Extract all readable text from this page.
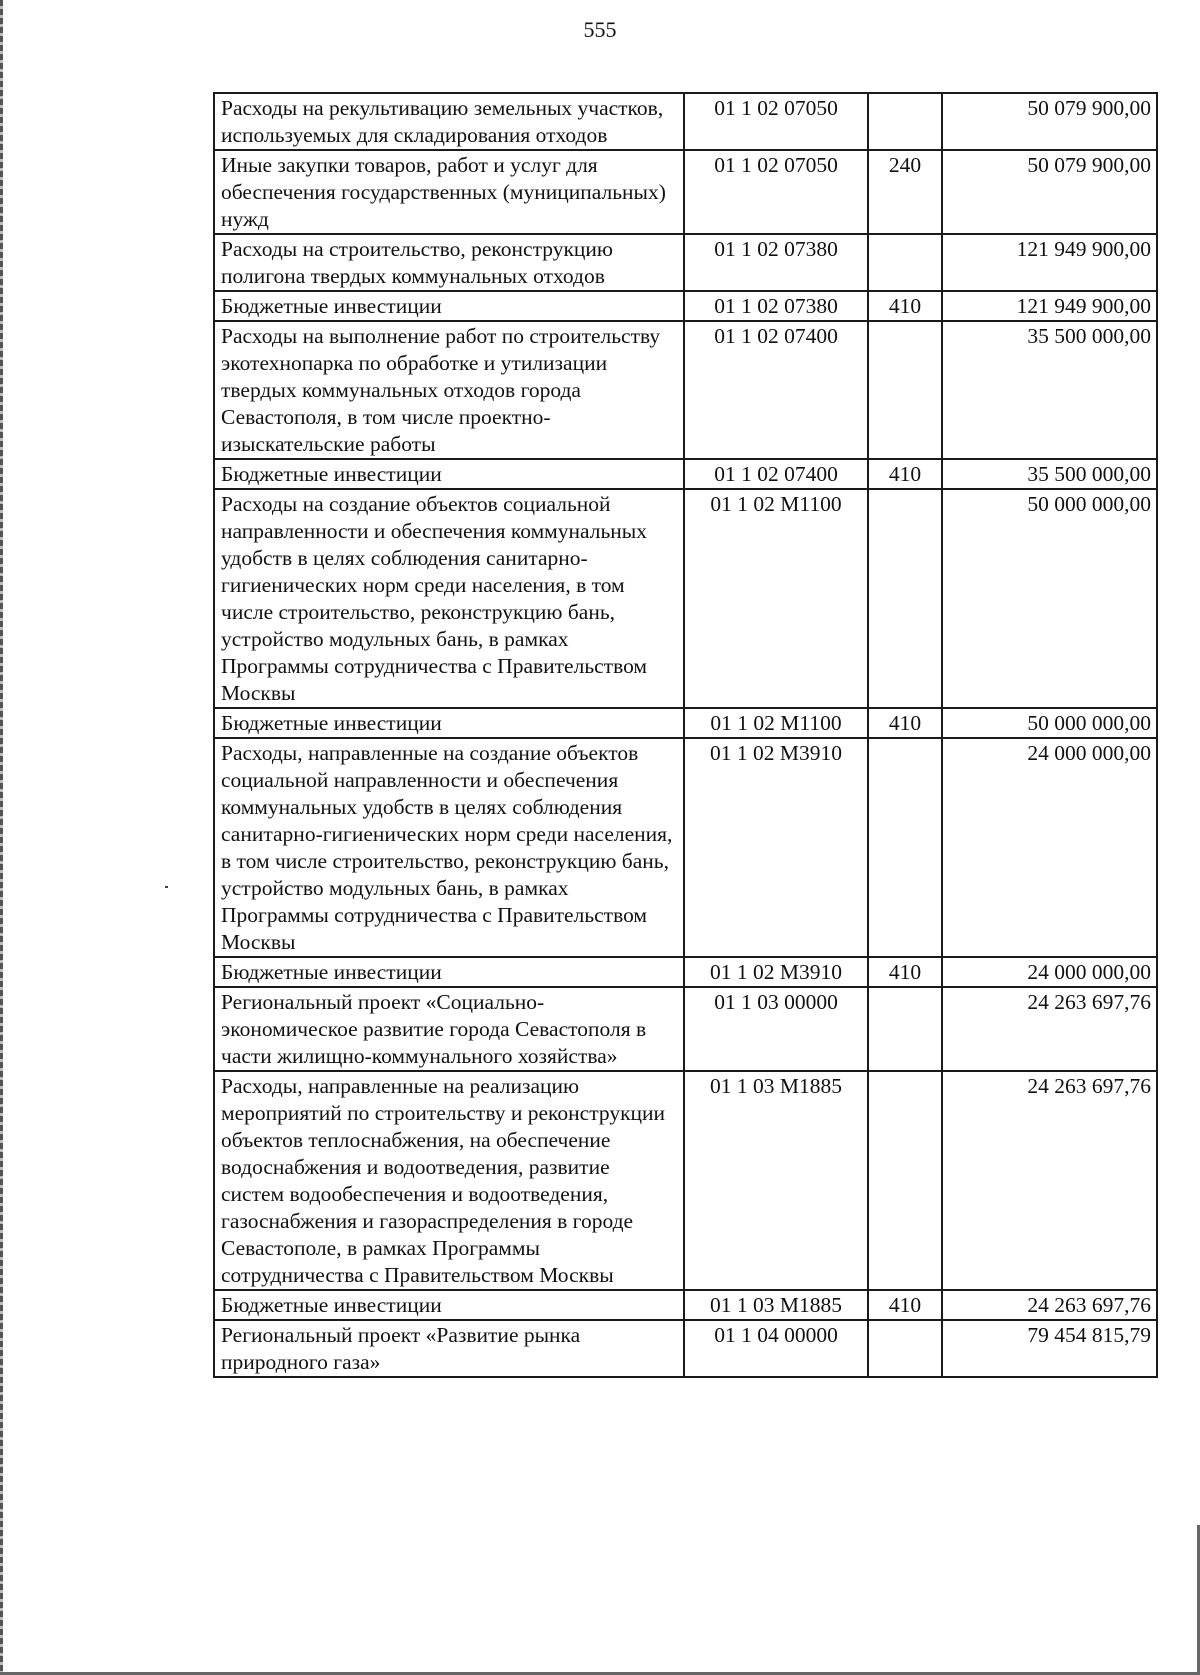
555
Расходы на рекультивацию земельных участков, используемых для складирования отходов	01 1 02 07050		50 079 900,00
Иные закупки товаров, работ и услуг для обеспечения государственных (муниципальных) нужд	01 1 02 07050	240	50 079 900,00
Расходы на строительство, реконструкцию полигона твердых коммунальных отходов	01 1 02 07380		121 949 900,00
Бюджетные инвестиции	01 1 02 07380	410	121 949 900,00
Расходы на выполнение работ по строительству экотехнопарка по обработке и утилизации твердых коммунальных отходов города Севастополя, в том числе проектно-изыскательские работы	01 1 02 07400		35 500 000,00
Бюджетные инвестиции	01 1 02 07400	410	35 500 000,00
Расходы на создание объектов социальной направленности и обеспечения коммунальных удобств в целях соблюдения санитарно-гигиенических норм среди населения, в том числе строительство, реконструкцию бань, устройство модульных бань, в рамках Программы сотрудничества с Правительством Москвы	01 1 02 M1100		50 000 000,00
Бюджетные инвестиции	01 1 02 M1100	410	50 000 000,00
Расходы, направленные на создание объектов социальной направленности и обеспечения коммунальных удобств в целях соблюдения санитарно-гигиенических норм среди населения, в том числе строительство, реконструкцию бань, устройство модульных бань, в рамках Программы сотрудничества с Правительством Москвы	01 1 02 M3910		24 000 000,00
Бюджетные инвестиции	01 1 02 M3910	410	24 000 000,00
Региональный проект «Социально-экономическое развитие города Севастополя в части жилищно-коммунального хозяйства»	01 1 03 00000		24 263 697,76
Расходы, направленные на реализацию мероприятий по строительству и реконструкции объектов теплоснабжения, на обеспечение водоснабжения и водоотведения, развитие систем водообеспечения и водоотведения, газоснабжения и газораспределения в городе Севастополе, в рамках Программы сотрудничества с Правительством Москвы	01 1 03 M1885		24 263 697,76
Бюджетные инвестиции	01 1 03 M1885	410	24 263 697,76
Региональный проект «Развитие рынка природного газа»	01 1 04 00000		79 454 815,79
